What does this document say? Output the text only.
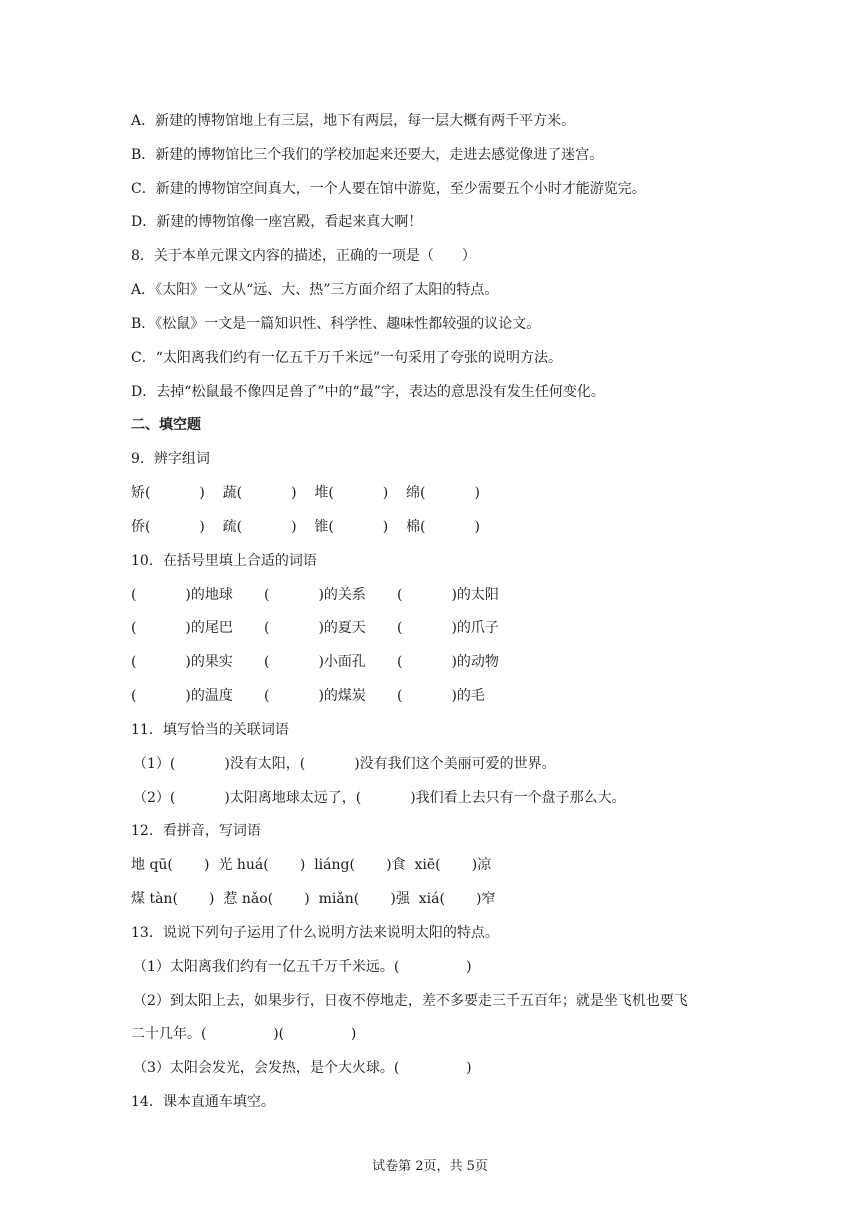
A．新建的博物馆地上有三层，地下有两层，每一层大概有两千平方米。

B．新建的博物馆比三个我们的学校加起来还要大，走进去感觉像进了迷宫。

C．新建的博物馆空间真大，一个人要在馆中游览，至少需要五个小时才能游览完。

D．新建的博物馆像一座宫殿，看起来真大啊！

8．关于本单元课文内容的描述，正确的一项是（　　）

A．《太阳》一文从“远、大、热”三方面介绍了太阳的特点。

B．《松鼠》一文是一篇知识性、科学性、趣味性都较强的议论文。

C．“太阳离我们约有一亿五千万千米远”一句采用了夸张的说明方法。

D．去掉“松鼠最不像四足兽了”中的“最”字，表达的意思没有发生任何变化。

二、填空题

9．辨字组词

矫(           )    蔬(           )    堆(           )    绵(           )

侨(           )    疏(           )    锥(           )    棉(           )

10．在括号里填上合适的词语

(           )的地球       (           )的关系       (           )的太阳

(           )的尾巴       (           )的夏天       (           )的爪子

(           )的果实       (           )小面孔       (           )的动物

(           )的温度       (           )的煤炭       (           )的毛

11．填写恰当的关联词语

（1）(           )没有太阳，(           )没有我们这个美丽可爱的世界。

（2）(           )太阳离地球太远了，(           )我们看上去只有一个盘子那么大。

12．看拼音，写词语

地 qū(       )  光 huá(       )  liáng(       )食  xiē(       )凉

煤 tàn(       )  惹 nǎo(       )  miǎn(       )强  xiá(       )窄

13．说说下列句子运用了什么说明方法来说明太阳的特点。

（1）太阳离我们约有一亿五千万千米远。(               )

（2）到太阳上去，如果步行，日夜不停地走，差不多要走三千五百年；就是坐飞机也要飞

二十几年。(               )(               )

（3）太阳会发光，会发热，是个大火球。(               )

14．课本直通车填空。

试卷第 2页，共 5页
